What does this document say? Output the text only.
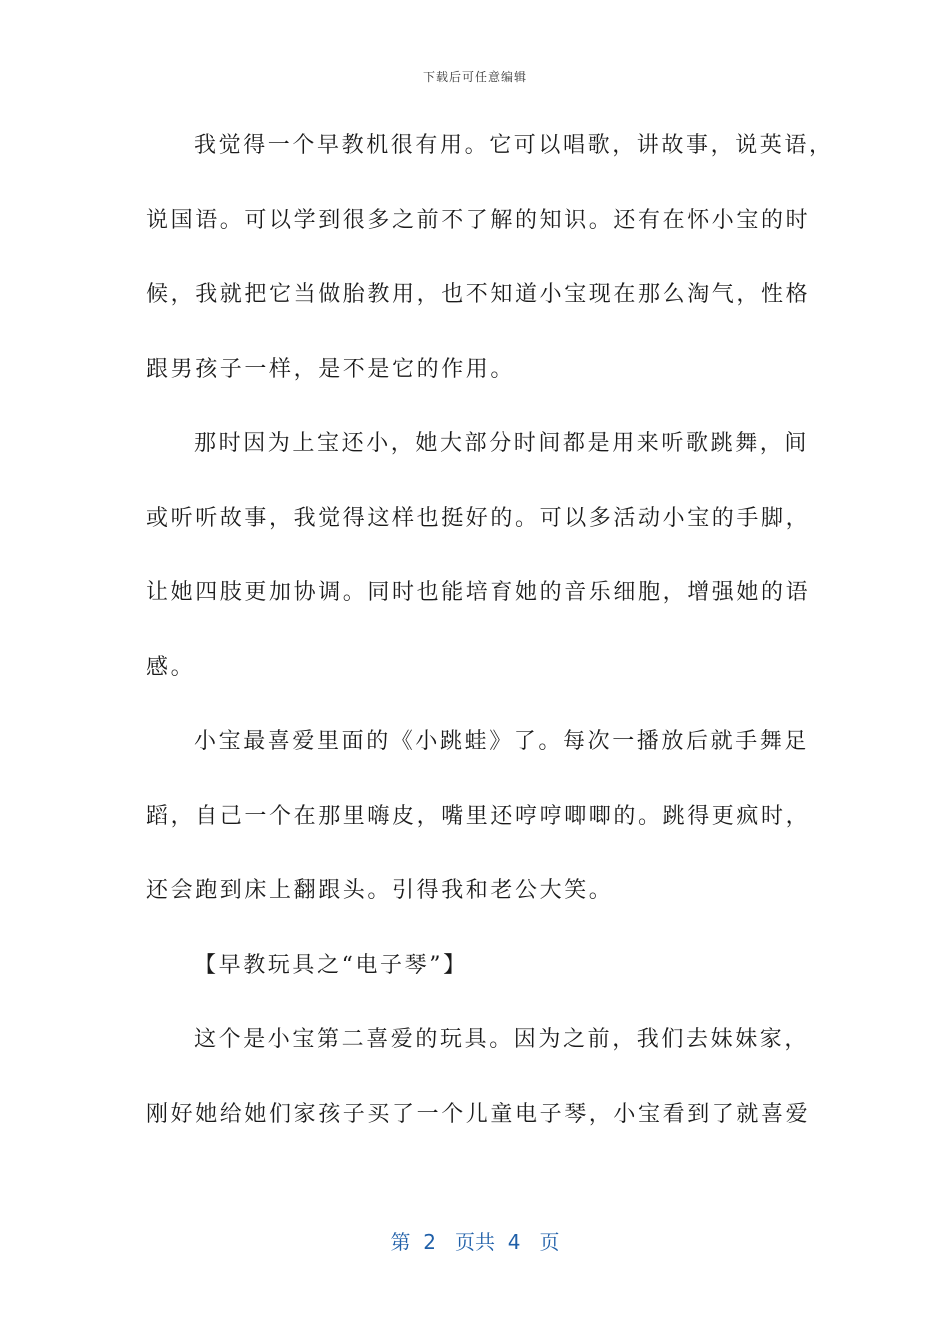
下载后可任意编辑
我觉得一个早教机很有用。它可以唱歌，讲故事，说英语，
说国语。可以学到很多之前不了解的知识。还有在怀小宝的时
候，我就把它当做胎教用，也不知道小宝现在那么淘气，性格
跟男孩子一样，是不是它的作用。
那时因为上宝还小，她大部分时间都是用来听歌跳舞，间
或听听故事，我觉得这样也挺好的。可以多活动小宝的手脚，
让她四肢更加协调。同时也能培育她的音乐细胞，增强她的语
感。
小宝最喜爱里面的《小跳蛙》了。每次一播放后就手舞足
蹈，自己一个在那里嗨皮，嘴里还哼哼唧唧的。跳得更疯时，
还会跑到床上翻跟头。引得我和老公大笑。
【早教玩具之“电子琴”】
这个是小宝第二喜爱的玩具。因为之前，我们去妹妹家，
刚好她给她们家孩子买了一个儿童电子琴，小宝看到了就喜爱
第  2   页共  4   页
